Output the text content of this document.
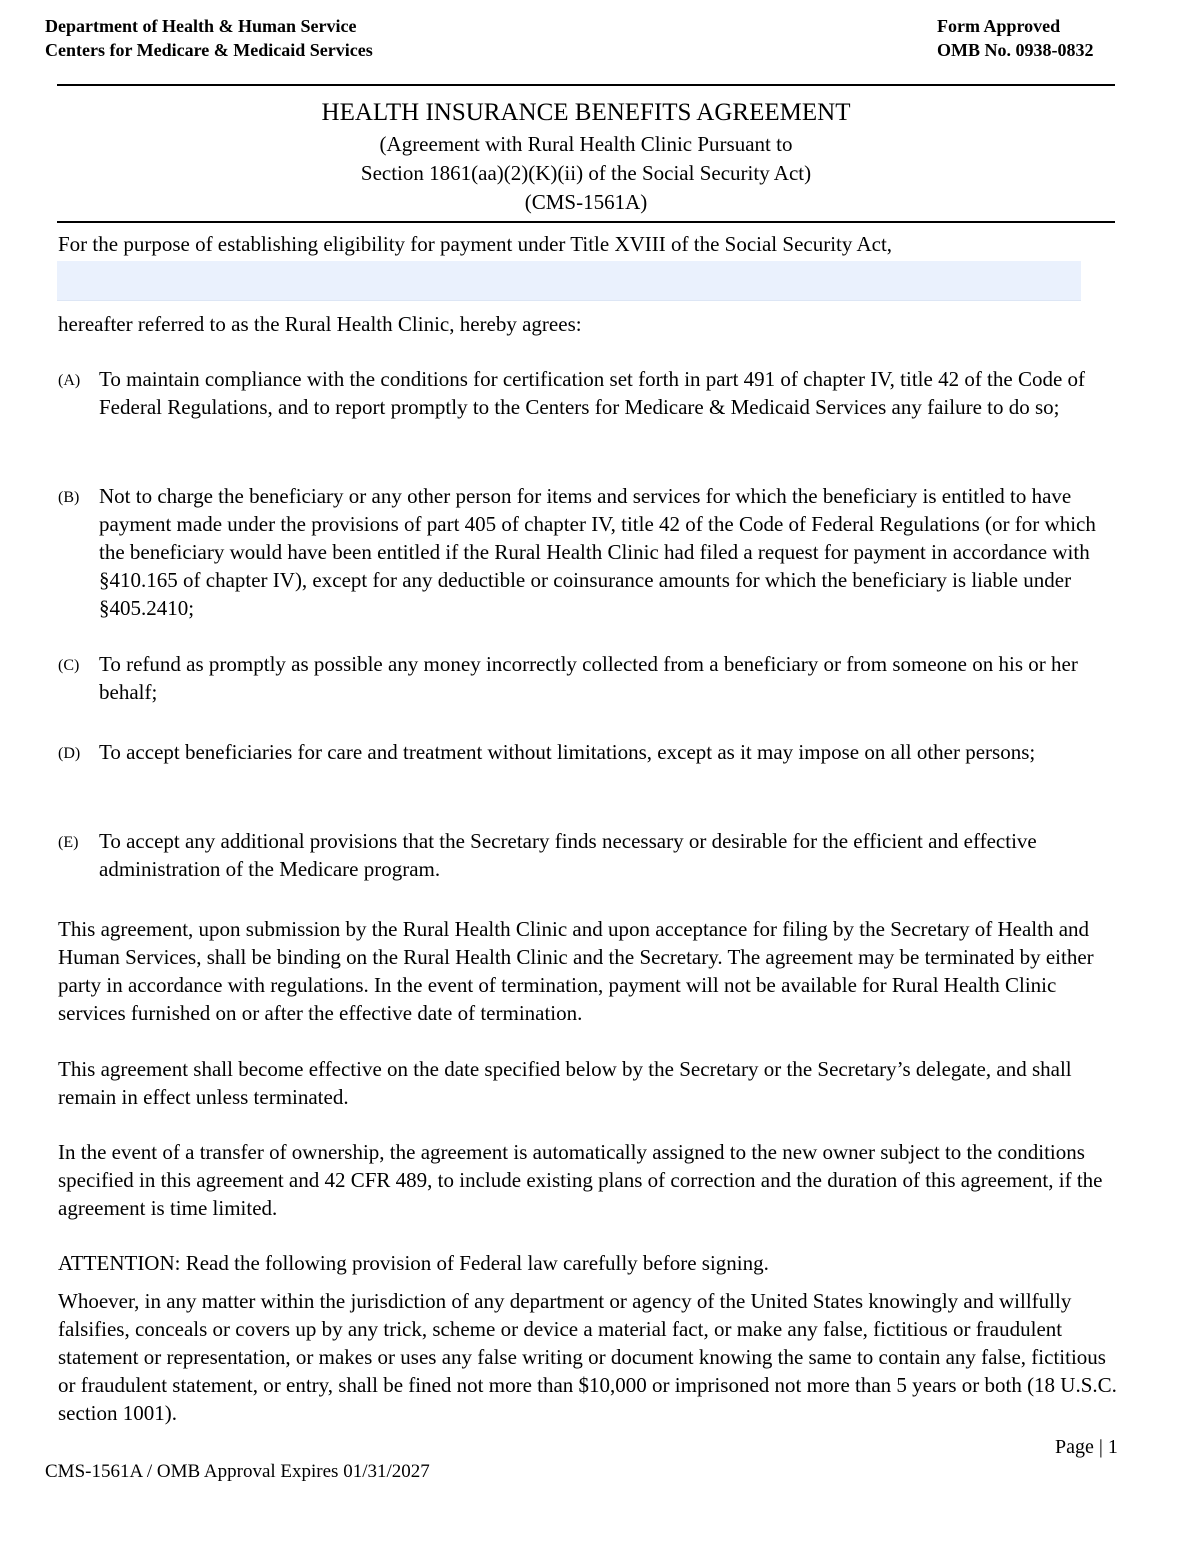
Department of Health & Human Service
Centers for Medicare & Medicaid Services
Form Approved
OMB No. 0938-0832
HEALTH INSURANCE BENEFITS AGREEMENT
(Agreement with Rural Health Clinic Pursuant to
Section 1861(aa)(2)(K)(ii) of the Social Security Act)
(CMS-1561A)
For the purpose of establishing eligibility for payment under Title XVIII of the Social Security Act,
hereafter referred to as the Rural Health Clinic, hereby agrees:
(A) To maintain compliance with the conditions for certification set forth in part 491 of chapter IV, title 42 of the Code of Federal Regulations, and to report promptly to the Centers for Medicare & Medicaid Services any failure to do so;
(B) Not to charge the beneficiary or any other person for items and services for which the beneficiary is entitled to have payment made under the provisions of part 405 of chapter IV, title 42 of the Code of Federal Regulations (or for which the beneficiary would have been entitled if the Rural Health Clinic had filed a request for payment in accordance with §410.165 of chapter IV), except for any deductible or coinsurance amounts for which the beneficiary is liable under §405.2410;
(C) To refund as promptly as possible any money incorrectly collected from a beneficiary or from someone on his or her behalf;
(D) To accept beneficiaries for care and treatment without limitations, except as it may impose on all other persons;
(E) To accept any additional provisions that the Secretary finds necessary or desirable for the efficient and effective administration of the Medicare program.
This agreement, upon submission by the Rural Health Clinic and upon acceptance for filing by the Secretary of Health and Human Services, shall be binding on the Rural Health Clinic and the Secretary. The agreement may be terminated by either party in accordance with regulations. In the event of termination, payment will not be available for Rural Health Clinic services furnished on or after the effective date of termination.
This agreement shall become effective on the date specified below by the Secretary or the Secretary’s delegate, and shall remain in effect unless terminated.
In the event of a transfer of ownership, the agreement is automatically assigned to the new owner subject to the conditions specified in this agreement and 42 CFR 489, to include existing plans of correction and the duration of this agreement, if the agreement is time limited.
ATTENTION: Read the following provision of Federal law carefully before signing.
Whoever, in any matter within the jurisdiction of any department or agency of the United States knowingly and willfully falsifies, conceals or covers up by any trick, scheme or device a material fact, or make any false, fictitious or fraudulent statement or representation, or makes or uses any false writing or document knowing the same to contain any false, fictitious or fraudulent statement, or entry, shall be fined not more than $10,000 or imprisoned not more than 5 years or both (18 U.S.C. section 1001).
Page | 1
CMS-1561A / OMB Approval Expires 01/31/2027
